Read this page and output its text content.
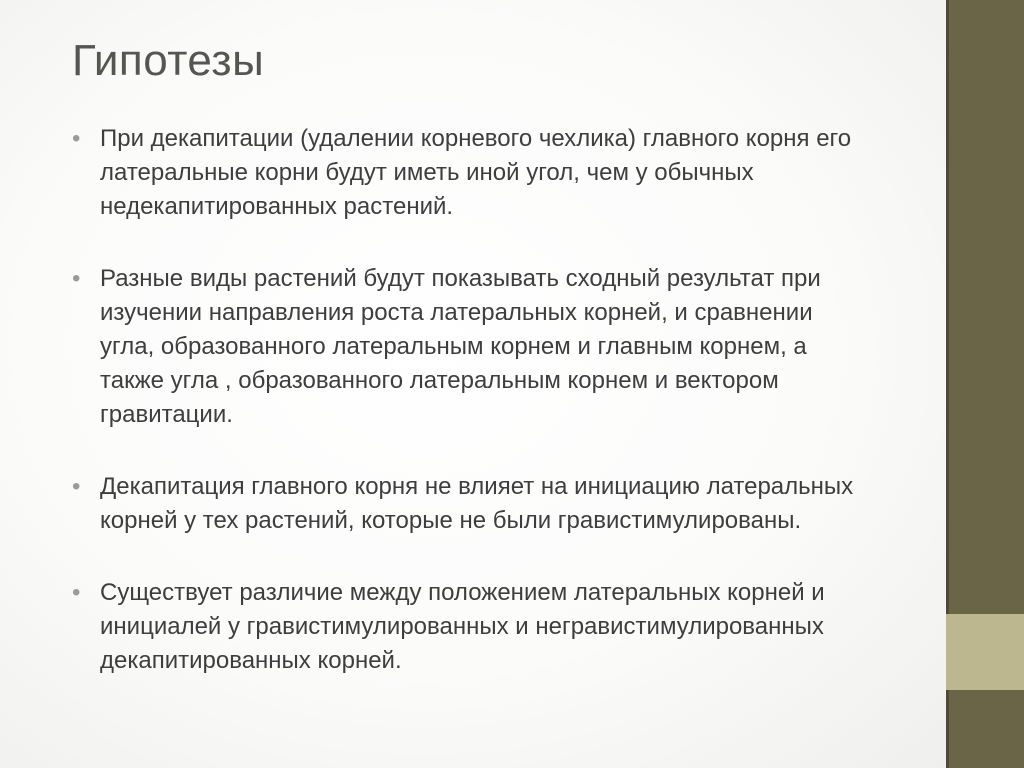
Гипотезы
• При декапитации (удалении корневого чехлика) главного корня его латеральные корни будут иметь иной угол, чем у обычных недекапитированных растений.
• Разные виды растений будут показывать сходный результат при изучении направления роста латеральных корней, и сравнении угла, образованного латеральным корнем и главным корнем, а также угла , образованного латеральным корнем и вектором гравитации.
• Декапитация главного корня не влияет на инициацию латеральных корней у тех растений, которые не были гравистимулированы.
• Существует различие между положением латеральных корней и инициалей у гравистимулированных и негравистимулированных декапитированных корней.
